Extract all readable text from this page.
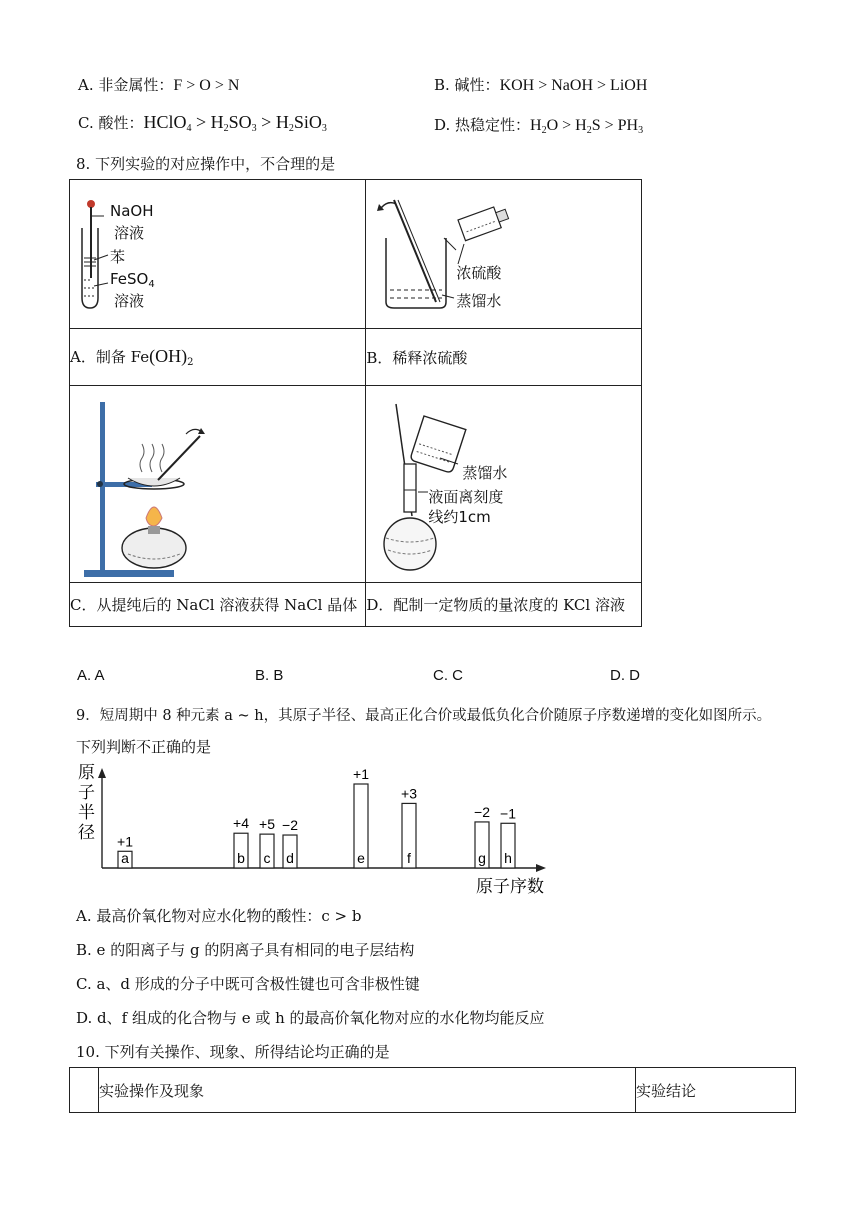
A. 非金属性：F > O > N	B. 碱性：KOH > NaOH > LiOH
C. 酸性：HClO$_4$ > $H_2SO_3 > H_2SiO_3$	D. 热稳定性：$H_2O > H_2S > PH_3$
8. 下列实验的对应操作中，不合理的是
NaOH
溶液
苯
FeSO$_4$
溶液	浓硫酸
蒸馏水

A．制备 $Fe(OH)_2$	B．稀释浓硫酸

蒸馏水
液面离刻度
线约1cm

C．从提纯后的 NaCl 溶液获得 NaCl 晶体	D．配制一定物质的量浓度的 KCl 溶液
A. A	B. B	C. C	D. D
9．短周期中 8 种元素 a ~ h，其原子半径、最高正化合价或最低负化合价随原子序数递增的变化如图所示。
下列判断不正确的是
原子半径
原子序数
a
+1
b
+4
c
+5
d
−2
e
+1
f
+3
g
−2
h
−1
A. 最高价氧化物对应水化物的酸性：c > b
B. e 的阳离子与 g 的阴离子具有相同的电子层结构
C. a、d 形成的分子中既可含极性键也可含非极性键
D. d、f 组成的化合物与 e 或 h 的最高价氧化物对应的水化物均能反应
10. 下列有关操作、现象、所得结论均正确的是
	实验操作及现象	实验结论
